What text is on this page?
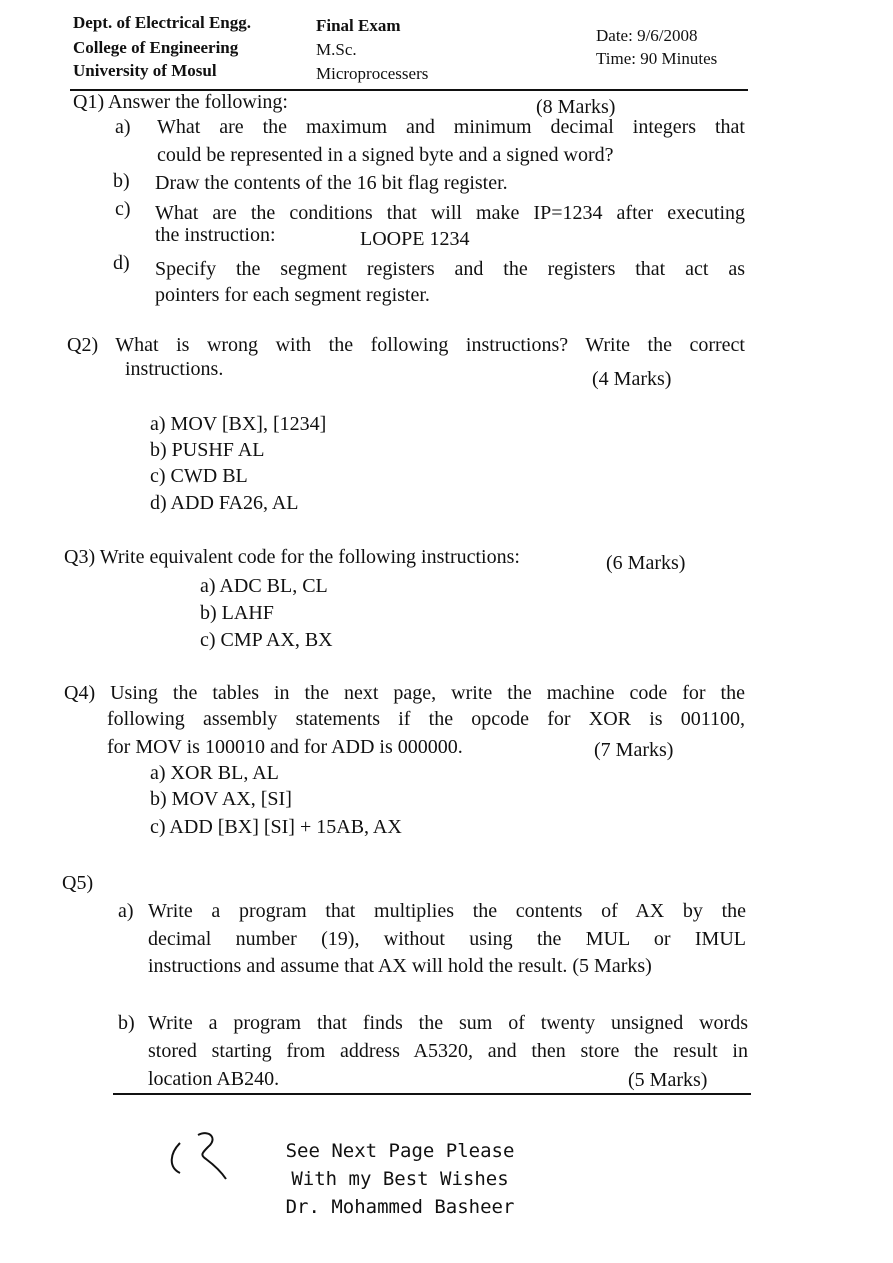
Dept. of Electrical Engg.
College of Engineering
University of Mosul
Final Exam
M.Sc.
Microprocessers
Date: 9/6/2008
Time: 90 Minutes
Q1) Answer the following:	(8 Marks)
a) What are the maximum and minimum decimal integers that
could be represented in a signed byte and a signed word?
b) Draw the contents of the 16 bit flag register.
c) What are the conditions that will make IP=1234 after executing
the instruction:	LOOPE 1234
d) Specify the segment registers and the registers that act as
pointers for each segment register.
Q2) What is wrong with the following instructions? Write the correct
instructions.	(4 Marks)
a) MOV [BX], [1234]
b) PUSHF AL
c) CWD BL
d) ADD FA26, AL
Q3) Write equivalent code for the following instructions:	(6 Marks)
a) ADC BL, CL
b) LAHF
c) CMP AX, BX
Q4) Using the tables in the next page, write the machine code for the
following assembly statements if the opcode for XOR is 001100,
for MOV is 100010 and for ADD is 000000.	(7 Marks)
a) XOR BL, AL
b) MOV AX, [SI]
c) ADD [BX] [SI] + 15AB, AX
Q5)
a) Write a program that multiplies the contents of AX by the
decimal number (19), without using the MUL or IMUL
instructions and assume that AX will hold the result. (5 Marks)
b) Write a program that finds the sum of twenty unsigned words
stored starting from address A5320, and then store the result in
location AB240.	(5 Marks)
See Next Page Please
With my Best Wishes
Dr. Mohammed Basheer
